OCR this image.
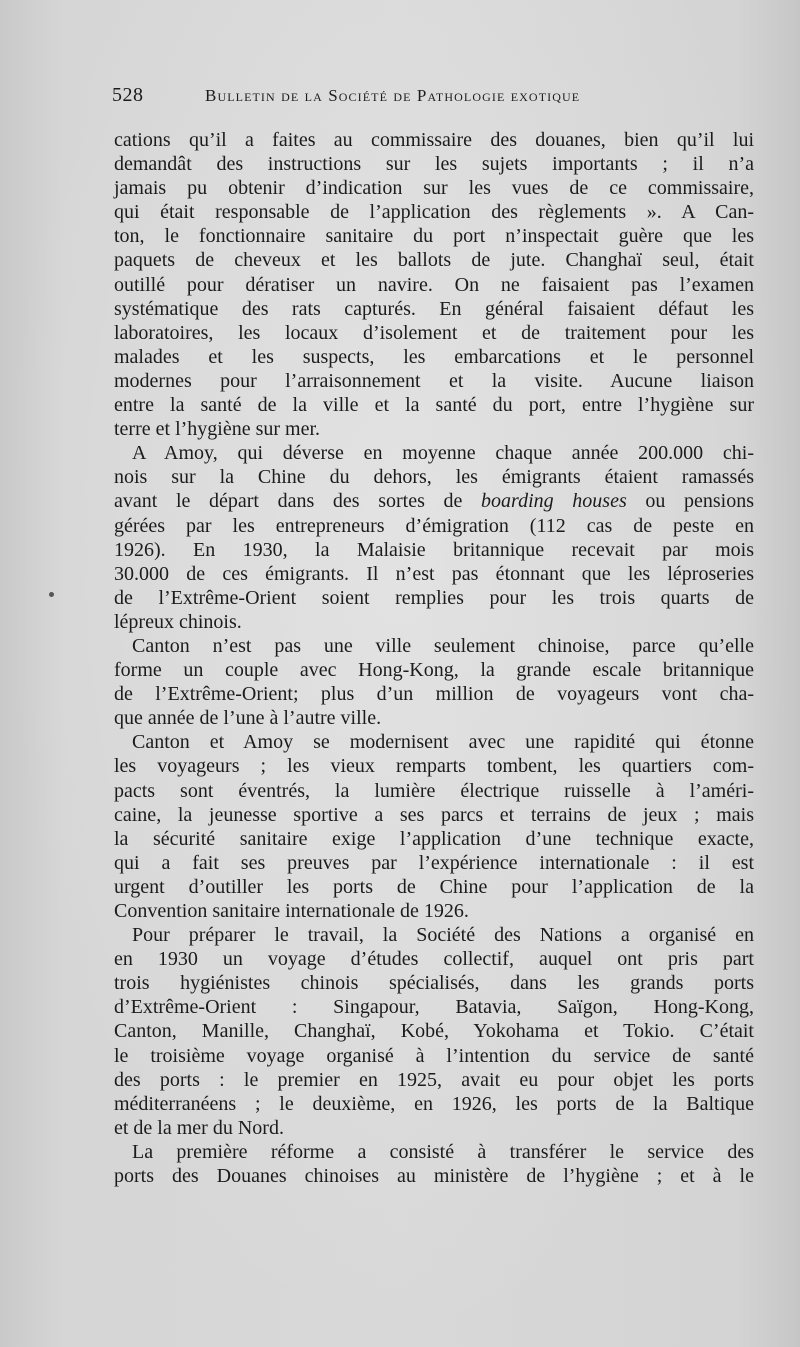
528	Bulletin de la Société de Pathologie exotique
cations qu’il a faites au commissaire des douanes, bien qu’il lui
demandât des instructions sur les sujets importants ; il n’a
jamais pu obtenir d’indication sur les vues de ce commissaire,
qui était responsable de l’application des règlements ». A Can-
ton, le fonctionnaire sanitaire du port n’inspectait guère que les
paquets de cheveux et les ballots de jute. Changhaï seul, était
outillé pour dératiser un navire. On ne faisaient pas l’examen
systématique des rats capturés. En général faisaient défaut les
laboratoires, les locaux d’isolement et de traitement pour les
malades et les suspects, les embarcations et le personnel
modernes pour l’arraisonnement et la visite. Aucune liaison
entre la santé de la ville et la santé du port, entre l’hygiène sur
terre et l’hygiène sur mer.
A Amoy, qui déverse en moyenne chaque année 200.000 chi-
nois sur la Chine du dehors, les émigrants étaient ramassés
avant le départ dans des sortes de boarding houses ou pensions
gérées par les entrepreneurs d’émigration (112 cas de peste en
1926). En 1930, la Malaisie britannique recevait par mois
30.000 de ces émigrants. Il n’est pas étonnant que les léproseries
de l’Extrême-Orient soient remplies pour les trois quarts de
lépreux chinois.
Canton n’est pas une ville seulement chinoise, parce qu’elle
forme un couple avec Hong-Kong, la grande escale britannique
de l’Extrême-Orient; plus d’un million de voyageurs vont cha-
que année de l’une à l’autre ville.
Canton et Amoy se modernisent avec une rapidité qui étonne
les voyageurs ; les vieux remparts tombent, les quartiers com-
pacts sont éventrés, la lumière électrique ruisselle à l’améri-
caine, la jeunesse sportive a ses parcs et terrains de jeux ; mais
la sécurité sanitaire exige l’application d’une technique exacte,
qui a fait ses preuves par l’expérience internationale : il est
urgent d’outiller les ports de Chine pour l’application de la
Convention sanitaire internationale de 1926.
Pour préparer le travail, la Société des Nations a organisé en
en 1930 un voyage d’études collectif, auquel ont pris part
trois hygiénistes chinois spécialisés, dans les grands ports
d’Extrême-Orient : Singapour, Batavia, Saïgon, Hong-Kong,
Canton, Manille, Changhaï, Kobé, Yokohama et Tokio. C’était
le troisième voyage organisé à l’intention du service de santé
des ports : le premier en 1925, avait eu pour objet les ports
méditerranéens ; le deuxième, en 1926, les ports de la Baltique
et de la mer du Nord.
La première réforme a consisté à transférer le service des
ports des Douanes chinoises au ministère de l’hygiène ; et à le
